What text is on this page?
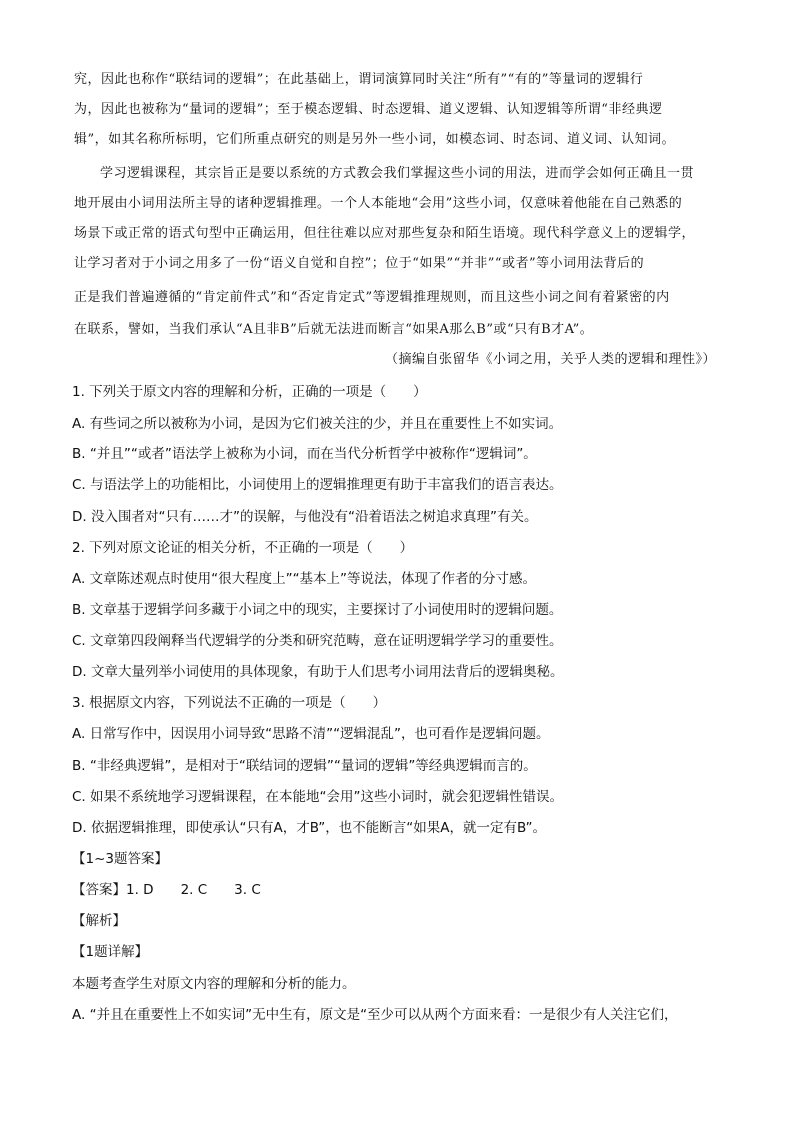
究，因此也称作“联结词的逻辑”；在此基础上，谓词演算同时关注“所有”“有的”等量词的逻辑行
为，因此也被称为“量词的逻辑”；至于模态逻辑、时态逻辑、道义逻辑、认知逻辑等所谓“非经典逻
辑”，如其名称所标明，它们所重点研究的则是另外一些小词，如模态词、时态词、道义词、认知词。
学习逻辑课程，其宗旨正是要以系统的方式教会我们掌握这些小词的用法，进而学会如何正确且一贯
地开展由小词用法所主导的诸种逻辑推理。一个人本能地“会用”这些小词，仅意味着他能在自己熟悉的
场景下或正常的语式句型中正确运用，但往往难以应对那些复杂和陌生语境。现代科学意义上的逻辑学，
让学习者对于小词之用多了一份“语义自觉和自控”；位于“如果”“并非”“或者”等小词用法背后的
正是我们普遍遵循的“肯定前件式”和“否定肯定式”等逻辑推理规则，而且这些小词之间有着紧密的内
在联系，譬如，当我们承认“A且非B”后就无法进而断言“如果A那么B”或“只有B才A”。
（摘编自张留华《小词之用，关乎人类的逻辑和理性》）
1. 下列关于原文内容的理解和分析，正确的一项是（　　）
A. 有些词之所以被称为小词，是因为它们被关注的少，并且在重要性上不如实词。
B. “并且”“或者”语法学上被称为小词，而在当代分析哲学中被称作“逻辑词”。
C. 与语法学上的功能相比，小词使用上的逻辑推理更有助于丰富我们的语言表达。
D. 没入围者对“只有……才”的误解，与他没有“沿着语法之树追求真理”有关。
2. 下列对原文论证的相关分析，不正确的一项是（　　）
A. 文章陈述观点时使用“很大程度上”“基本上”等说法，体现了作者的分寸感。
B. 文章基于逻辑学问多藏于小词之中的现实，主要探讨了小词使用时的逻辑问题。
C. 文章第四段阐释当代逻辑学的分类和研究范畴，意在证明逻辑学学习的重要性。
D. 文章大量列举小词使用的具体现象，有助于人们思考小词用法背后的逻辑奥秘。
3. 根据原文内容，下列说法不正确的一项是（　　）
A. 日常写作中，因误用小词导致“思路不清”“逻辑混乱”，也可看作是逻辑问题。
B. “非经典逻辑”，是相对于“联结词的逻辑”“量词的逻辑”等经典逻辑而言的。
C. 如果不系统地学习逻辑课程，在本能地“会用”这些小词时，就会犯逻辑性错误。
D. 依据逻辑推理，即使承认“只有A，才B”，也不能断言“如果A，就一定有B”。
【1~3题答案】
【答案】1. D　　2. C　　3. C
【解析】
【1题详解】
本题考查学生对原文内容的理解和分析的能力。
A. “并且在重要性上不如实词”无中生有，原文是“至少可以从两个方面来看：一是很少有人关注它们，
